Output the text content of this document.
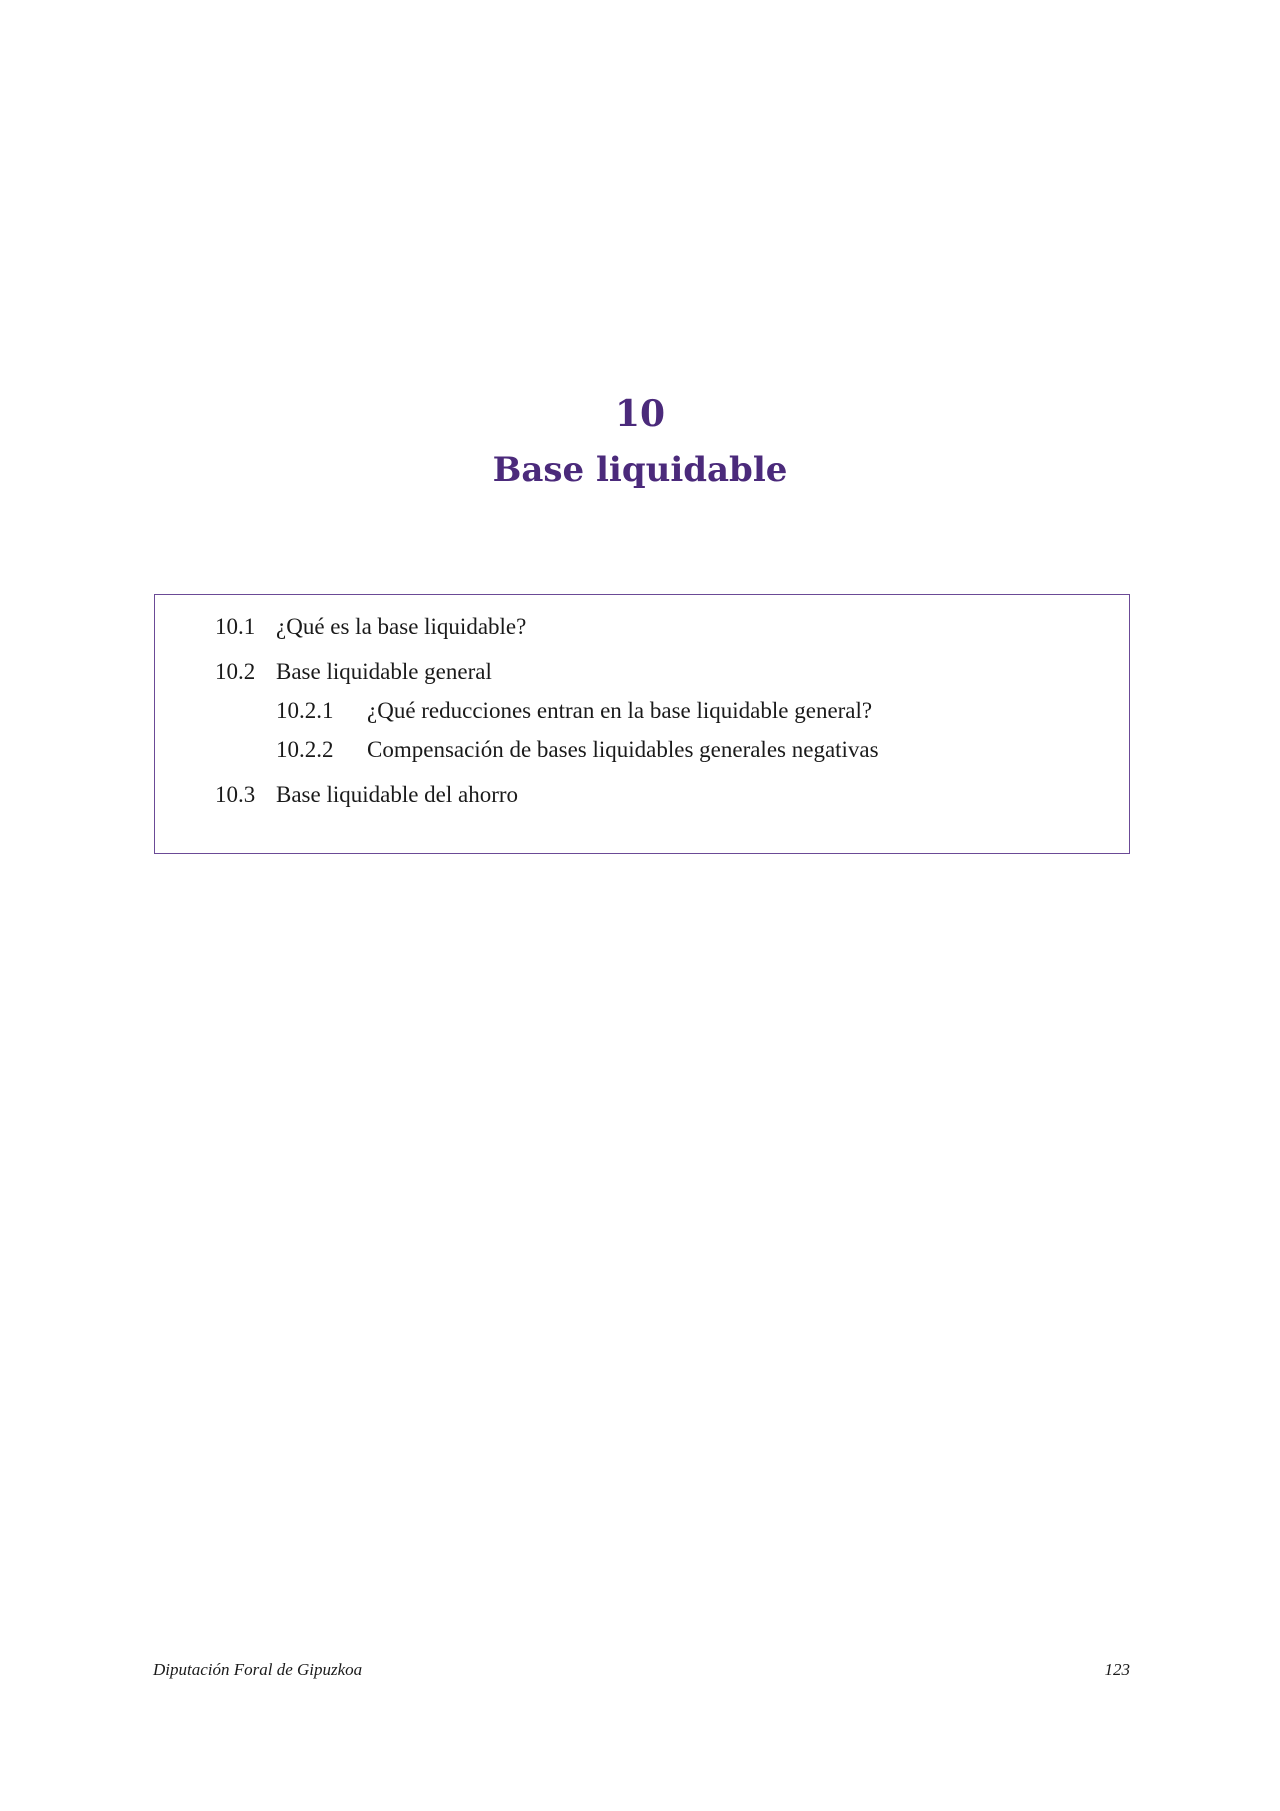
10
Base liquidable
10.1 ¿Qué es la base liquidable?
10.2 Base liquidable general
10.2.1 ¿Qué reducciones entran en la base liquidable general?
10.2.2 Compensación de bases liquidables generales negativas
10.3 Base liquidable del ahorro
Diputación Foral de Gipuzkoa	123
